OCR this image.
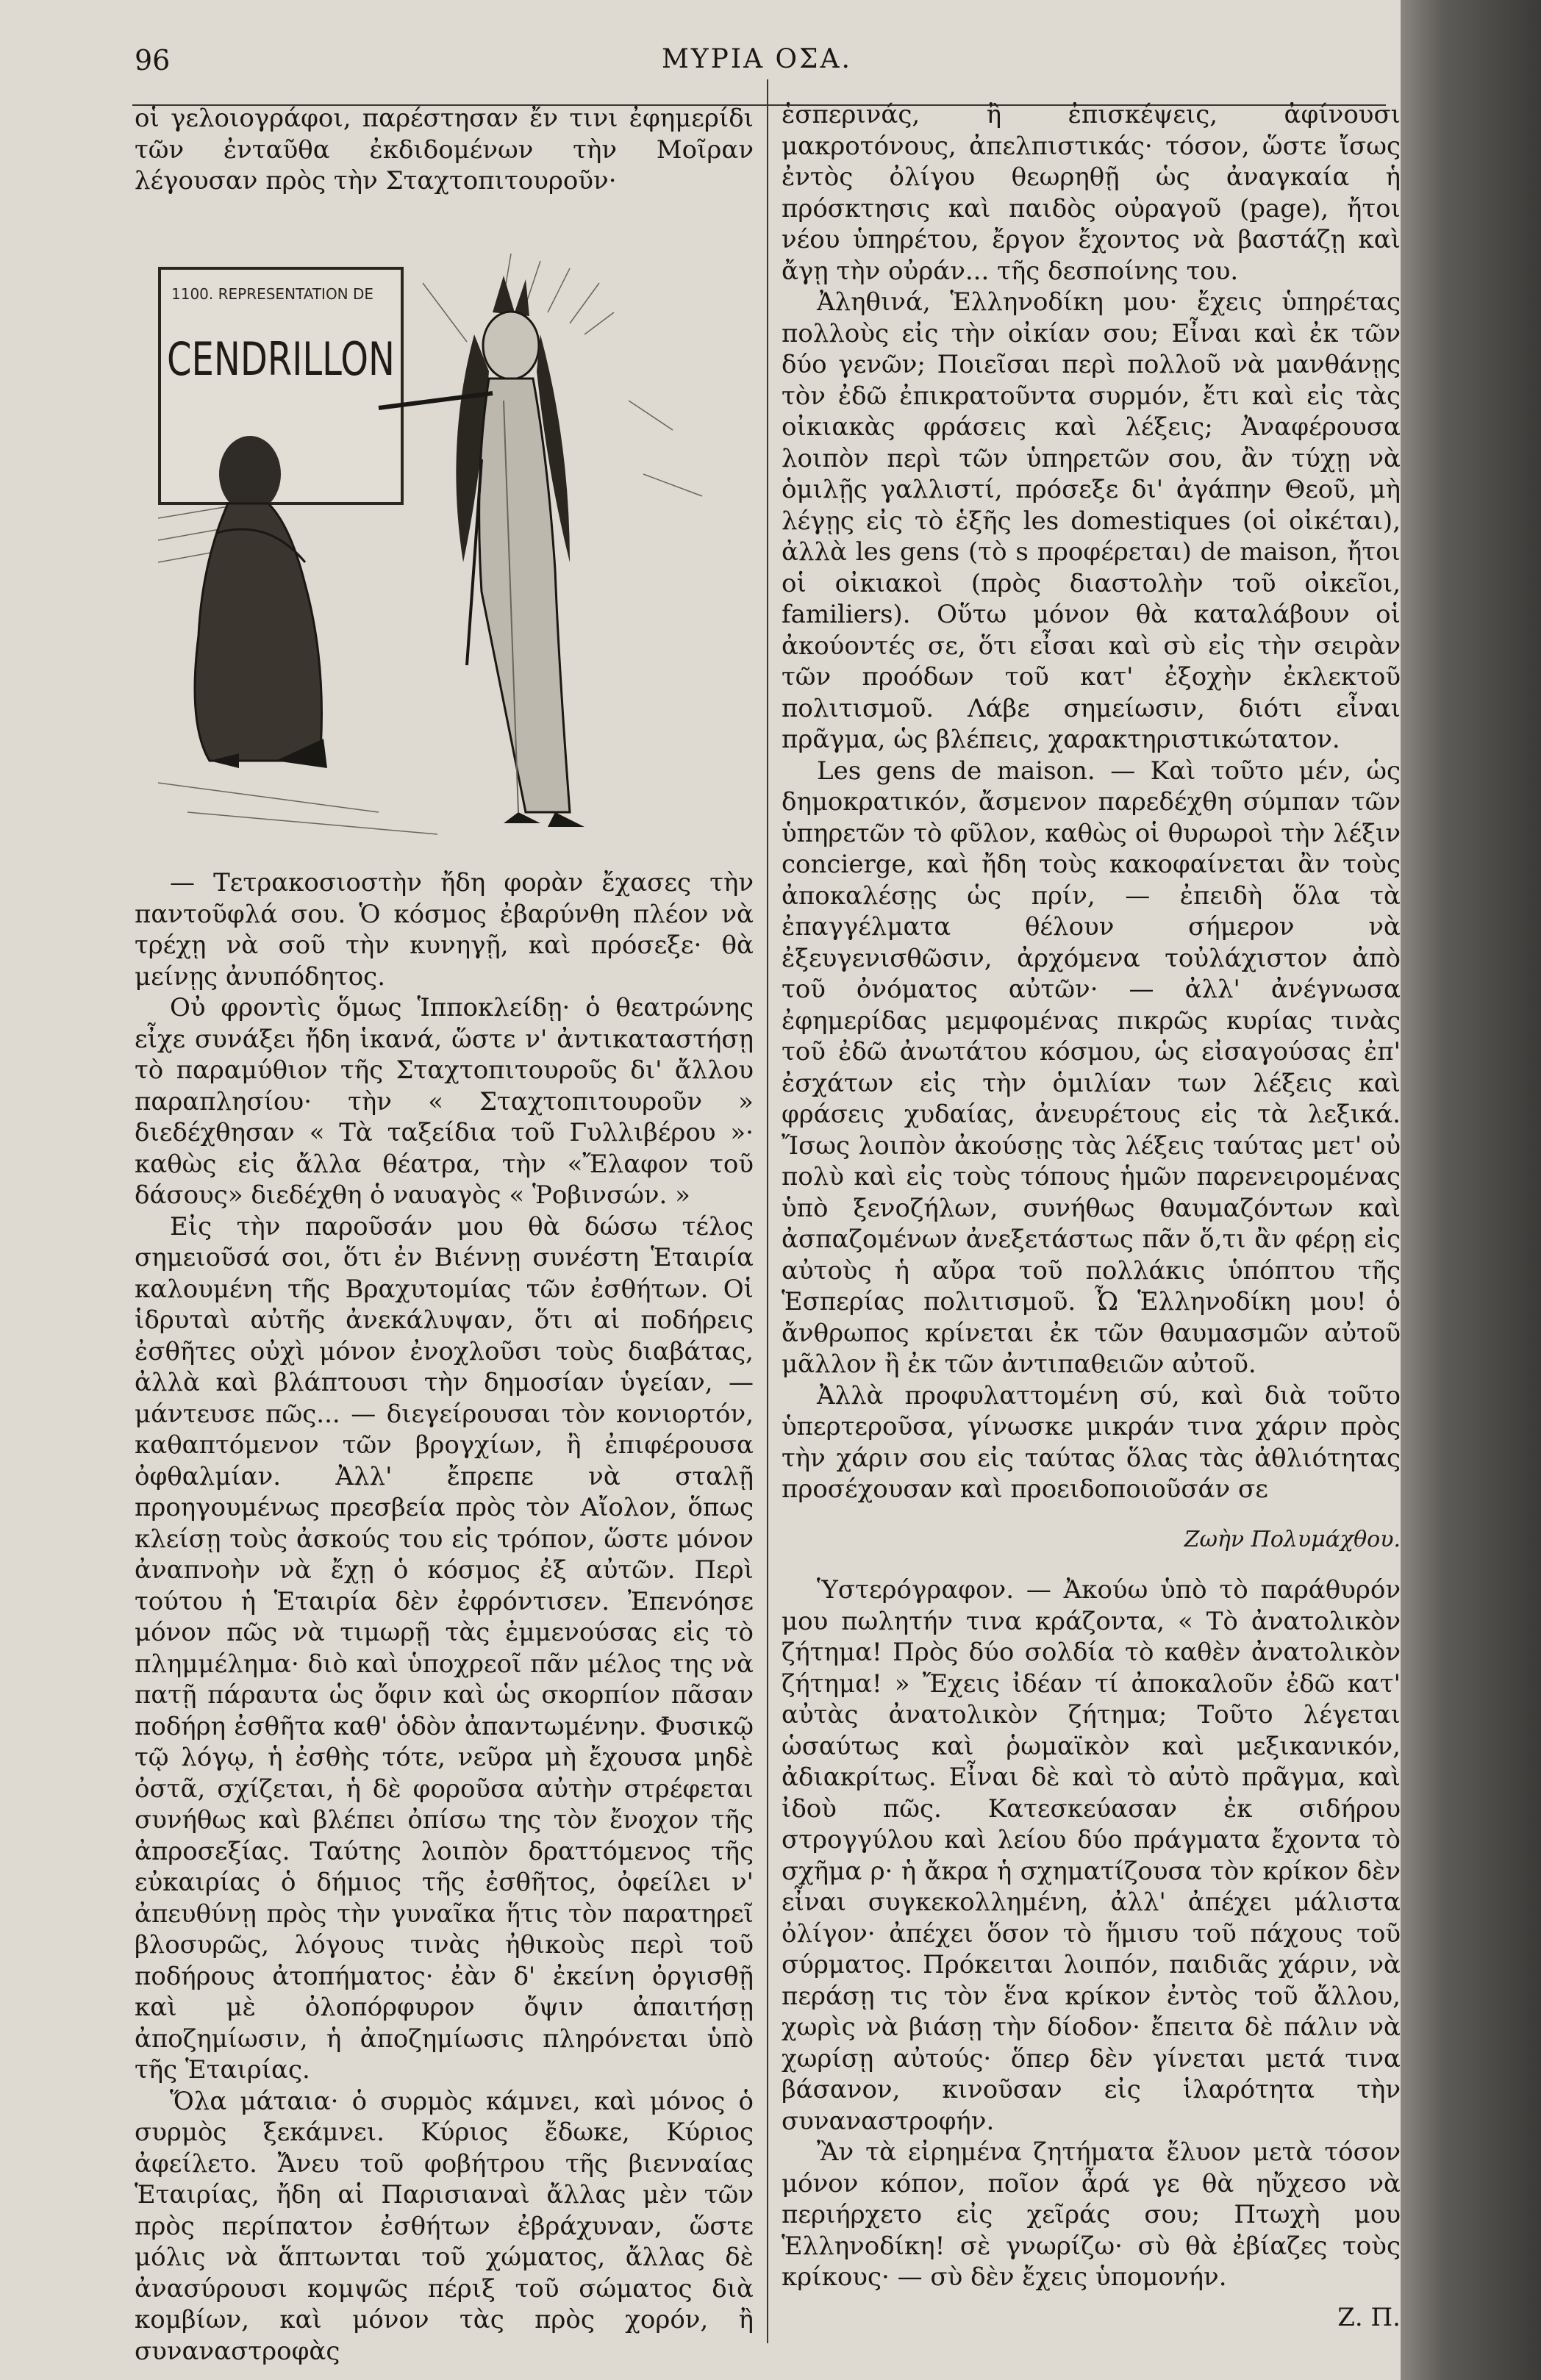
96	ΜΥΡΙΑ ΟΣΑ.

οἱ γελοιογράφοι, παρέστησαν ἔν τινι ἐφημερίδι τῶν ἐνταῦθα ἐκδιδομένων τὴν Μοῖραν λέγουσαν πρὸς τὴν Σταχτοπιτουροῦν·

1100. REPRESENTATION DE
CENDRILLON

— Τετρακοσιοστὴν ἤδη φορὰν ἔχασες τὴν παντοῦφλά σου. Ὁ κόσμος ἐβαρύνθη πλέον νὰ τρέχῃ νὰ σοῦ τὴν κυνηγῇ, καὶ πρόσεξε· θὰ μείνῃς ἀνυπόδητος.

Οὐ φροντὶς ὅμως Ἱπποκλείδῃ· ὁ θεατρώνης εἶχε συνάξει ἤδη ἱκανά, ὥστε ν' ἀντικαταστήσῃ τὸ παραμύθιον τῆς Σταχτοπιτουροῦς δι' ἄλλου παραπλησίου· τὴν « Σταχτοπιτουροῦν » διεδέχθησαν « Τὰ ταξείδια τοῦ Γυλλιβέρου »· καθὼς εἰς ἄλλα θέατρα, τὴν «Ἔλαφον τοῦ δάσους» διεδέχθη ὁ ναυαγὸς « Ῥοβινσών. »

Εἰς τὴν παροῦσάν μου θὰ δώσω τέλος σημειοῦσά σοι, ὅτι ἐν Βιέννῃ συνέστη Ἑταιρία καλουμένη τῆς Βραχυτομίας τῶν ἐσθήτων. Οἱ ἱδρυταὶ αὐτῆς ἀνεκάλυψαν, ὅτι αἱ ποδήρεις ἐσθῆτες οὐχὶ μόνον ἐνοχλοῦσι τοὺς διαβάτας, ἀλλὰ καὶ βλάπτουσι τὴν δημοσίαν ὑγείαν, — μάντευσε πῶς... — διεγείρουσαι τὸν κονιορτόν, καθαπτόμενον τῶν βρογχίων, ἢ ἐπιφέρουσα ὀφθαλμίαν. Ἀλλ' ἔπρεπε νὰ σταλῇ προηγουμένως πρεσβεία πρὸς τὸν Αἴολον, ὅπως κλείσῃ τοὺς ἀσκούς του εἰς τρόπον, ὥστε μόνον ἀναπνοὴν νὰ ἔχῃ ὁ κόσμος ἐξ αὐτῶν. Περὶ τούτου ἡ Ἑταιρία δὲν ἐφρόντισεν. Ἐπενόησε μόνον πῶς νὰ τιμωρῇ τὰς ἐμμενούσας εἰς τὸ πλημμέλημα· διὸ καὶ ὑποχρεοῖ πᾶν μέλος της νὰ πατῇ πάραυτα ὡς ὄφιν καὶ ὡς σκορπίον πᾶσαν ποδήρη ἐσθῆτα καθ' ὁδὸν ἀπαντωμένην. Φυσικῷ τῷ λόγῳ, ἡ ἐσθὴς τότε, νεῦρα μὴ ἔχουσα μηδὲ ὀστᾶ, σχίζεται, ἡ δὲ φοροῦσα αὐτὴν στρέφεται συνήθως καὶ βλέπει ὀπίσω της τὸν ἔνοχον τῆς ἀπροσεξίας. Ταύτης λοιπὸν δραττόμενος τῆς εὐκαιρίας ὁ δήμιος τῆς ἐσθῆτος, ὀφείλει ν' ἀπευθύνῃ πρὸς τὴν γυναῖκα ἥτις τὸν παρατηρεῖ βλοσυρῶς, λόγους τινὰς ἠθικοὺς περὶ τοῦ ποδήρους ἀτοπήματος· ἐὰν δ' ἐκείνη ὀργισθῇ καὶ μὲ ὀλοπόρφυρον ὄψιν ἀπαιτήσῃ ἀποζημίωσιν, ἡ ἀποζημίωσις πληρόνεται ὑπὸ τῆς Ἑταιρίας.

Ὅλα μάταια· ὁ συρμὸς κάμνει, καὶ μόνος ὁ συρμὸς ξεκάμνει. Κύριος ἔδωκε, Κύριος ἀφείλετο. Ἄνευ τοῦ φοβήτρου τῆς βιενναίας Ἑταιρίας, ἤδη αἱ Παρισιαναὶ ἄλλας μὲν τῶν πρὸς περίπατον ἐσθήτων ἐβράχυναν, ὥστε μόλις νὰ ἅπτωνται τοῦ χώματος, ἄλλας δὲ ἀνασύρουσι κομψῶς πέριξ τοῦ σώματος διὰ κομβίων, καὶ μόνον τὰς πρὸς χορόν, ἢ συναναστροφὰς

ἑσπερινάς, ἢ ἐπισκέψεις, ἀφίνουσι μακροτόνους, ἀπελπιστικάς· τόσον, ὥστε ἴσως ἐντὸς ὀλίγου θεωρηθῇ ὡς ἀναγκαία ἡ πρόσκτησις καὶ παιδὸς οὐραγοῦ (page), ἤτοι νέου ὑπηρέτου, ἔργον ἔχοντος νὰ βαστάζῃ καὶ ἄγῃ τὴν οὐράν... τῆς δεσποίνης του.

Ἀληθινά, Ἑλληνοδίκη μου· ἔχεις ὑπηρέτας πολλοὺς εἰς τὴν οἰκίαν σου; Εἶναι καὶ ἐκ τῶν δύο γενῶν; Ποιεῖσαι περὶ πολλοῦ νὰ μανθάνῃς τὸν ἐδῶ ἐπικρατοῦντα συρμόν, ἔτι καὶ εἰς τὰς οἰκιακὰς φράσεις καὶ λέξεις; Ἀναφέρουσα λοιπὸν περὶ τῶν ὑπηρετῶν σου, ἂν τύχῃ νὰ ὁμιλῇς γαλλιστί, πρόσεξε δι' ἀγάπην Θεοῦ, μὴ λέγῃς εἰς τὸ ἑξῆς les domestiques (οἱ οἰκέται), ἀλλὰ les gens (τὸ s προφέρεται) de maison, ἤτοι οἱ οἰκιακοὶ (πρὸς διαστολὴν τοῦ οἰκεῖοι, familiers). Οὕτω μόνον θὰ καταλάβουν οἱ ἀκούοντές σε, ὅτι εἶσαι καὶ σὺ εἰς τὴν σειρὰν τῶν προόδων τοῦ κατ' ἐξοχὴν ἐκλεκτοῦ πολιτισμοῦ. Λάβε σημείωσιν, διότι εἶναι πρᾶγμα, ὡς βλέπεις, χαρακτηριστικώτατον.

Les gens de maison. — Καὶ τοῦτο μέν, ὡς δημοκρατικόν, ἄσμενον παρεδέχθη σύμπαν τῶν ὑπηρετῶν τὸ φῦλον, καθὼς οἱ θυρωροὶ τὴν λέξιν concierge, καὶ ἤδη τοὺς κακοφαίνεται ἂν τοὺς ἀποκαλέσῃς ὡς πρίν, — ἐπειδὴ ὅλα τὰ ἐπαγγέλματα θέλουν σήμερον νὰ ἐξευγενισθῶσιν, ἀρχόμενα τοὐλάχιστον ἀπὸ τοῦ ὀνόματος αὐτῶν· — ἀλλ' ἀνέγνωσα ἐφημερίδας μεμφομένας πικρῶς κυρίας τινὰς τοῦ ἐδῶ ἀνωτάτου κόσμου, ὡς εἰσαγούσας ἐπ' ἐσχάτων εἰς τὴν ὁμιλίαν των λέξεις καὶ φράσεις χυδαίας, ἀνευρέτους εἰς τὰ λεξικά. Ἴσως λοιπὸν ἀκούσῃς τὰς λέξεις ταύτας μετ' οὐ πολὺ καὶ εἰς τοὺς τόπους ἡμῶν παρενειρομένας ὑπὸ ξενοζήλων, συνήθως θαυμαζόντων καὶ ἀσπαζομένων ἀνεξετάστως πᾶν ὅ,τι ἂν φέρῃ εἰς αὐτοὺς ἡ αὔρα τοῦ πολλάκις ὑπόπτου τῆς Ἑσπερίας πολιτισμοῦ. Ὦ Ἑλληνοδίκη μου! ὁ ἄνθρωπος κρίνεται ἐκ τῶν θαυμασμῶν αὐτοῦ μᾶλλον ἢ ἐκ τῶν ἀντιπαθειῶν αὐτοῦ.

Ἀλλὰ προφυλαττομένη σύ, καὶ διὰ τοῦτο ὑπερτεροῦσα, γίνωσκε μικράν τινα χάριν πρὸς τὴν χάριν σου εἰς ταύτας ὅλας τὰς ἀθλιότητας προσέχουσαν καὶ προειδοποιοῦσάν σε

Ζωὴν Πολυμάχθου.

Ὑστερόγραφον. — Ἀκούω ὑπὸ τὸ παράθυρόν μου πωλητήν τινα κράζοντα, « Τὸ ἀνατολικὸν ζήτημα! Πρὸς δύο σολδία τὸ καθὲν ἀνατολικὸν ζήτημα! » Ἔχεις ἰδέαν τί ἀποκαλοῦν ἐδῶ κατ' αὐτὰς ἀνατολικὸν ζήτημα; Τοῦτο λέγεται ὡσαύτως καὶ ῥωμαϊκὸν καὶ μεξικανικόν, ἀδιακρίτως. Εἶναι δὲ καὶ τὸ αὐτὸ πρᾶγμα, καὶ ἰδοὺ πῶς. Κατεσκεύασαν ἐκ σιδήρου στρογγύλου καὶ λείου δύο πράγματα ἔχοντα τὸ σχῆμα ρ· ἡ ἄκρα ἡ σχηματίζουσα τὸν κρίκον δὲν εἶναι συγκεκολλημένη, ἀλλ' ἀπέχει μάλιστα ὀλίγον· ἀπέχει ὅσον τὸ ἥμισυ τοῦ πάχους τοῦ σύρματος. Πρόκειται λοιπόν, παιδιᾶς χάριν, νὰ περάσῃ τις τὸν ἕνα κρίκον ἐντὸς τοῦ ἄλλου, χωρὶς νὰ βιάσῃ τὴν δίοδον· ἔπειτα δὲ πάλιν νὰ χωρίσῃ αὐτούς· ὅπερ δὲν γίνεται μετά τινα βάσανον, κινοῦσαν εἰς ἱλαρότητα τὴν συναναστροφήν.

Ἂν τὰ εἰρημένα ζητήματα ἔλυον μετὰ τόσον μόνον κόπον, ποῖον ἆρά γε θὰ ηὔχεσο νὰ περιήρχετο εἰς χεῖράς σου; Πτωχὴ μου Ἑλληνοδίκη! σὲ γνωρίζω· σὺ θὰ ἐβίαζες τοὺς κρίκους· — σὺ δὲν ἔχεις ὑπομονήν.

Ζ. Π.
